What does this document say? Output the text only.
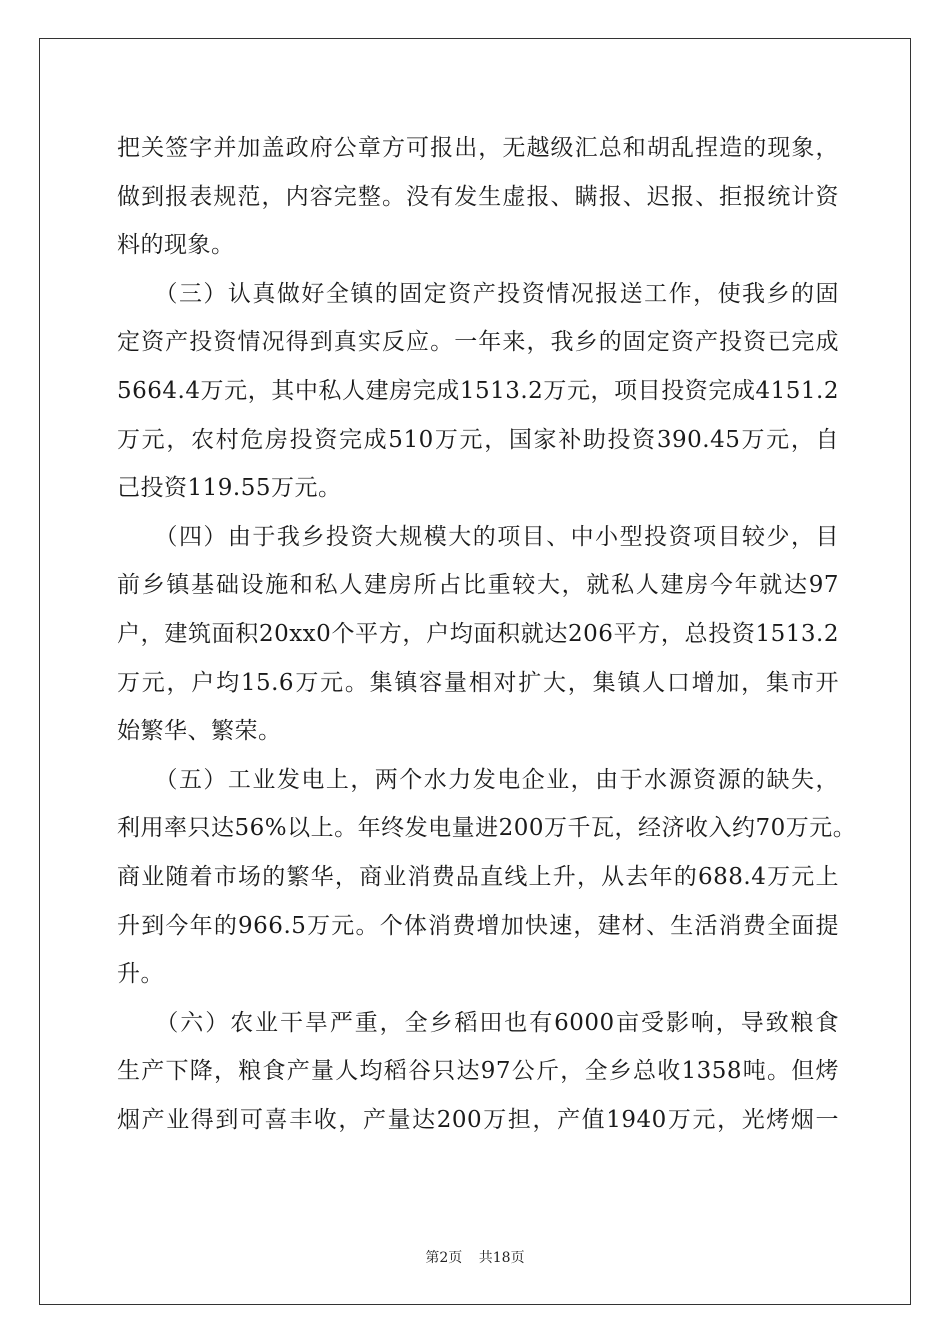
把关签字并加盖政府公章方可报出，无越级汇总和胡乱捏造的现象，
做到报表规范，内容完整。没有发生虚报、瞒报、迟报、拒报统计资
料的现象。
　　（三）认真做好全镇的固定资产投资情况报送工作，使我乡的固
定资产投资情况得到真实反应。一年来，我乡的固定资产投资已完成
5664.4万元，其中私人建房完成1513.2万元，项目投资完成4151.2
万元，农村危房投资完成510万元，国家补助投资390.45万元，自
己投资119.55万元。
　　（四）由于我乡投资大规模大的项目、中小型投资项目较少，目
前乡镇基础设施和私人建房所占比重较大，就私人建房今年就达97
户，建筑面积20xx0个平方，户均面积就达206平方，总投资1513.2
万元，户均15.6万元。集镇容量相对扩大，集镇人口增加，集市开
始繁华、繁荣。
　　（五）工业发电上，两个水力发电企业，由于水源资源的缺失，
利用率只达56%以上。年终发电量进200万千瓦，经济收入约70万元。
商业随着市场的繁华，商业消费品直线上升，从去年的688.4万元上
升到今年的966.5万元。个体消费增加快速，建材、生活消费全面提
升。
　　（六）农业干旱严重，全乡稻田也有6000亩受影响，导致粮食
生产下降，粮食产量人均稻谷只达97公斤，全乡总收1358吨。但烤
烟产业得到可喜丰收，产量达200万担，产值1940万元，光烤烟一
第2页 共18页
